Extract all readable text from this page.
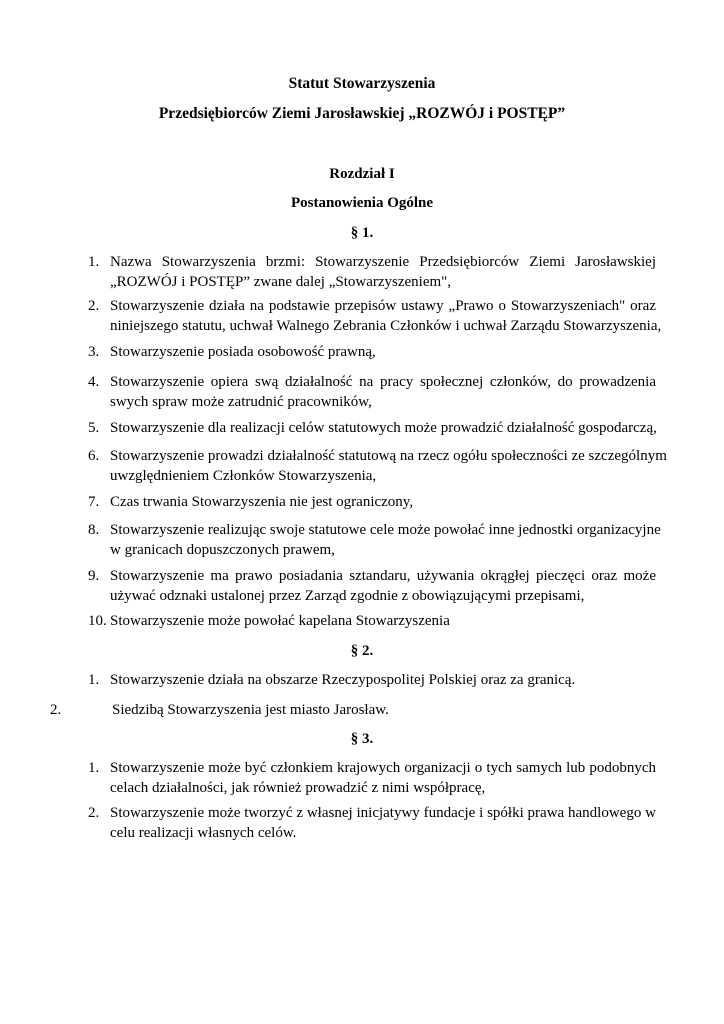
Statut Stowarzyszenia
Przedsiębiorców Ziemi Jarosławskiej „ROZWÓJ i POSTĘP”
Rozdział I
Postanowienia Ogólne
§ 1.
1. Nazwa Stowarzyszenia brzmi: Stowarzyszenie Przedsiębiorców Ziemi Jarosławskiej
„ROZWÓJ i POSTĘP” zwane dalej „Stowarzyszeniem",
2. Stowarzyszenie działa na podstawie przepisów ustawy „Prawo o Stowarzyszeniach" oraz
niniejszego statutu, uchwał Walnego Zebrania Członków i uchwał Zarządu Stowarzyszenia,
3. Stowarzyszenie posiada osobowość prawną,
4. Stowarzyszenie opiera swą działalność na pracy społecznej członków, do prowadzenia
swych spraw może zatrudnić pracowników,
5. Stowarzyszenie dla realizacji celów statutowych może prowadzić działalność gospodarczą,
6. Stowarzyszenie prowadzi działalność statutową na rzecz ogółu społeczności ze szczególnym
uwzględnieniem Członków Stowarzyszenia,
7. Czas trwania Stowarzyszenia nie jest ograniczony,
8. Stowarzyszenie realizując swoje statutowe cele może powołać inne jednostki organizacyjne
w granicach dopuszczonych prawem,
9. Stowarzyszenie ma prawo posiadania sztandaru, używania okrągłej pieczęci oraz może
używać odznaki ustalonej przez Zarząd zgodnie z obowiązującymi przepisami,
10. Stowarzyszenie może powołać kapelana Stowarzyszenia
§ 2.
1. Stowarzyszenie działa na obszarze Rzeczypospolitej Polskiej oraz za granicą.
2.	Siedzibą Stowarzyszenia jest miasto Jarosław.
§ 3.
1. Stowarzyszenie może być członkiem krajowych organizacji o tych samych lub podobnych
celach działalności, jak również prowadzić z nimi współpracę,
2. Stowarzyszenie może tworzyć z własnej inicjatywy fundacje i spółki prawa handlowego w
celu realizacji własnych celów.
